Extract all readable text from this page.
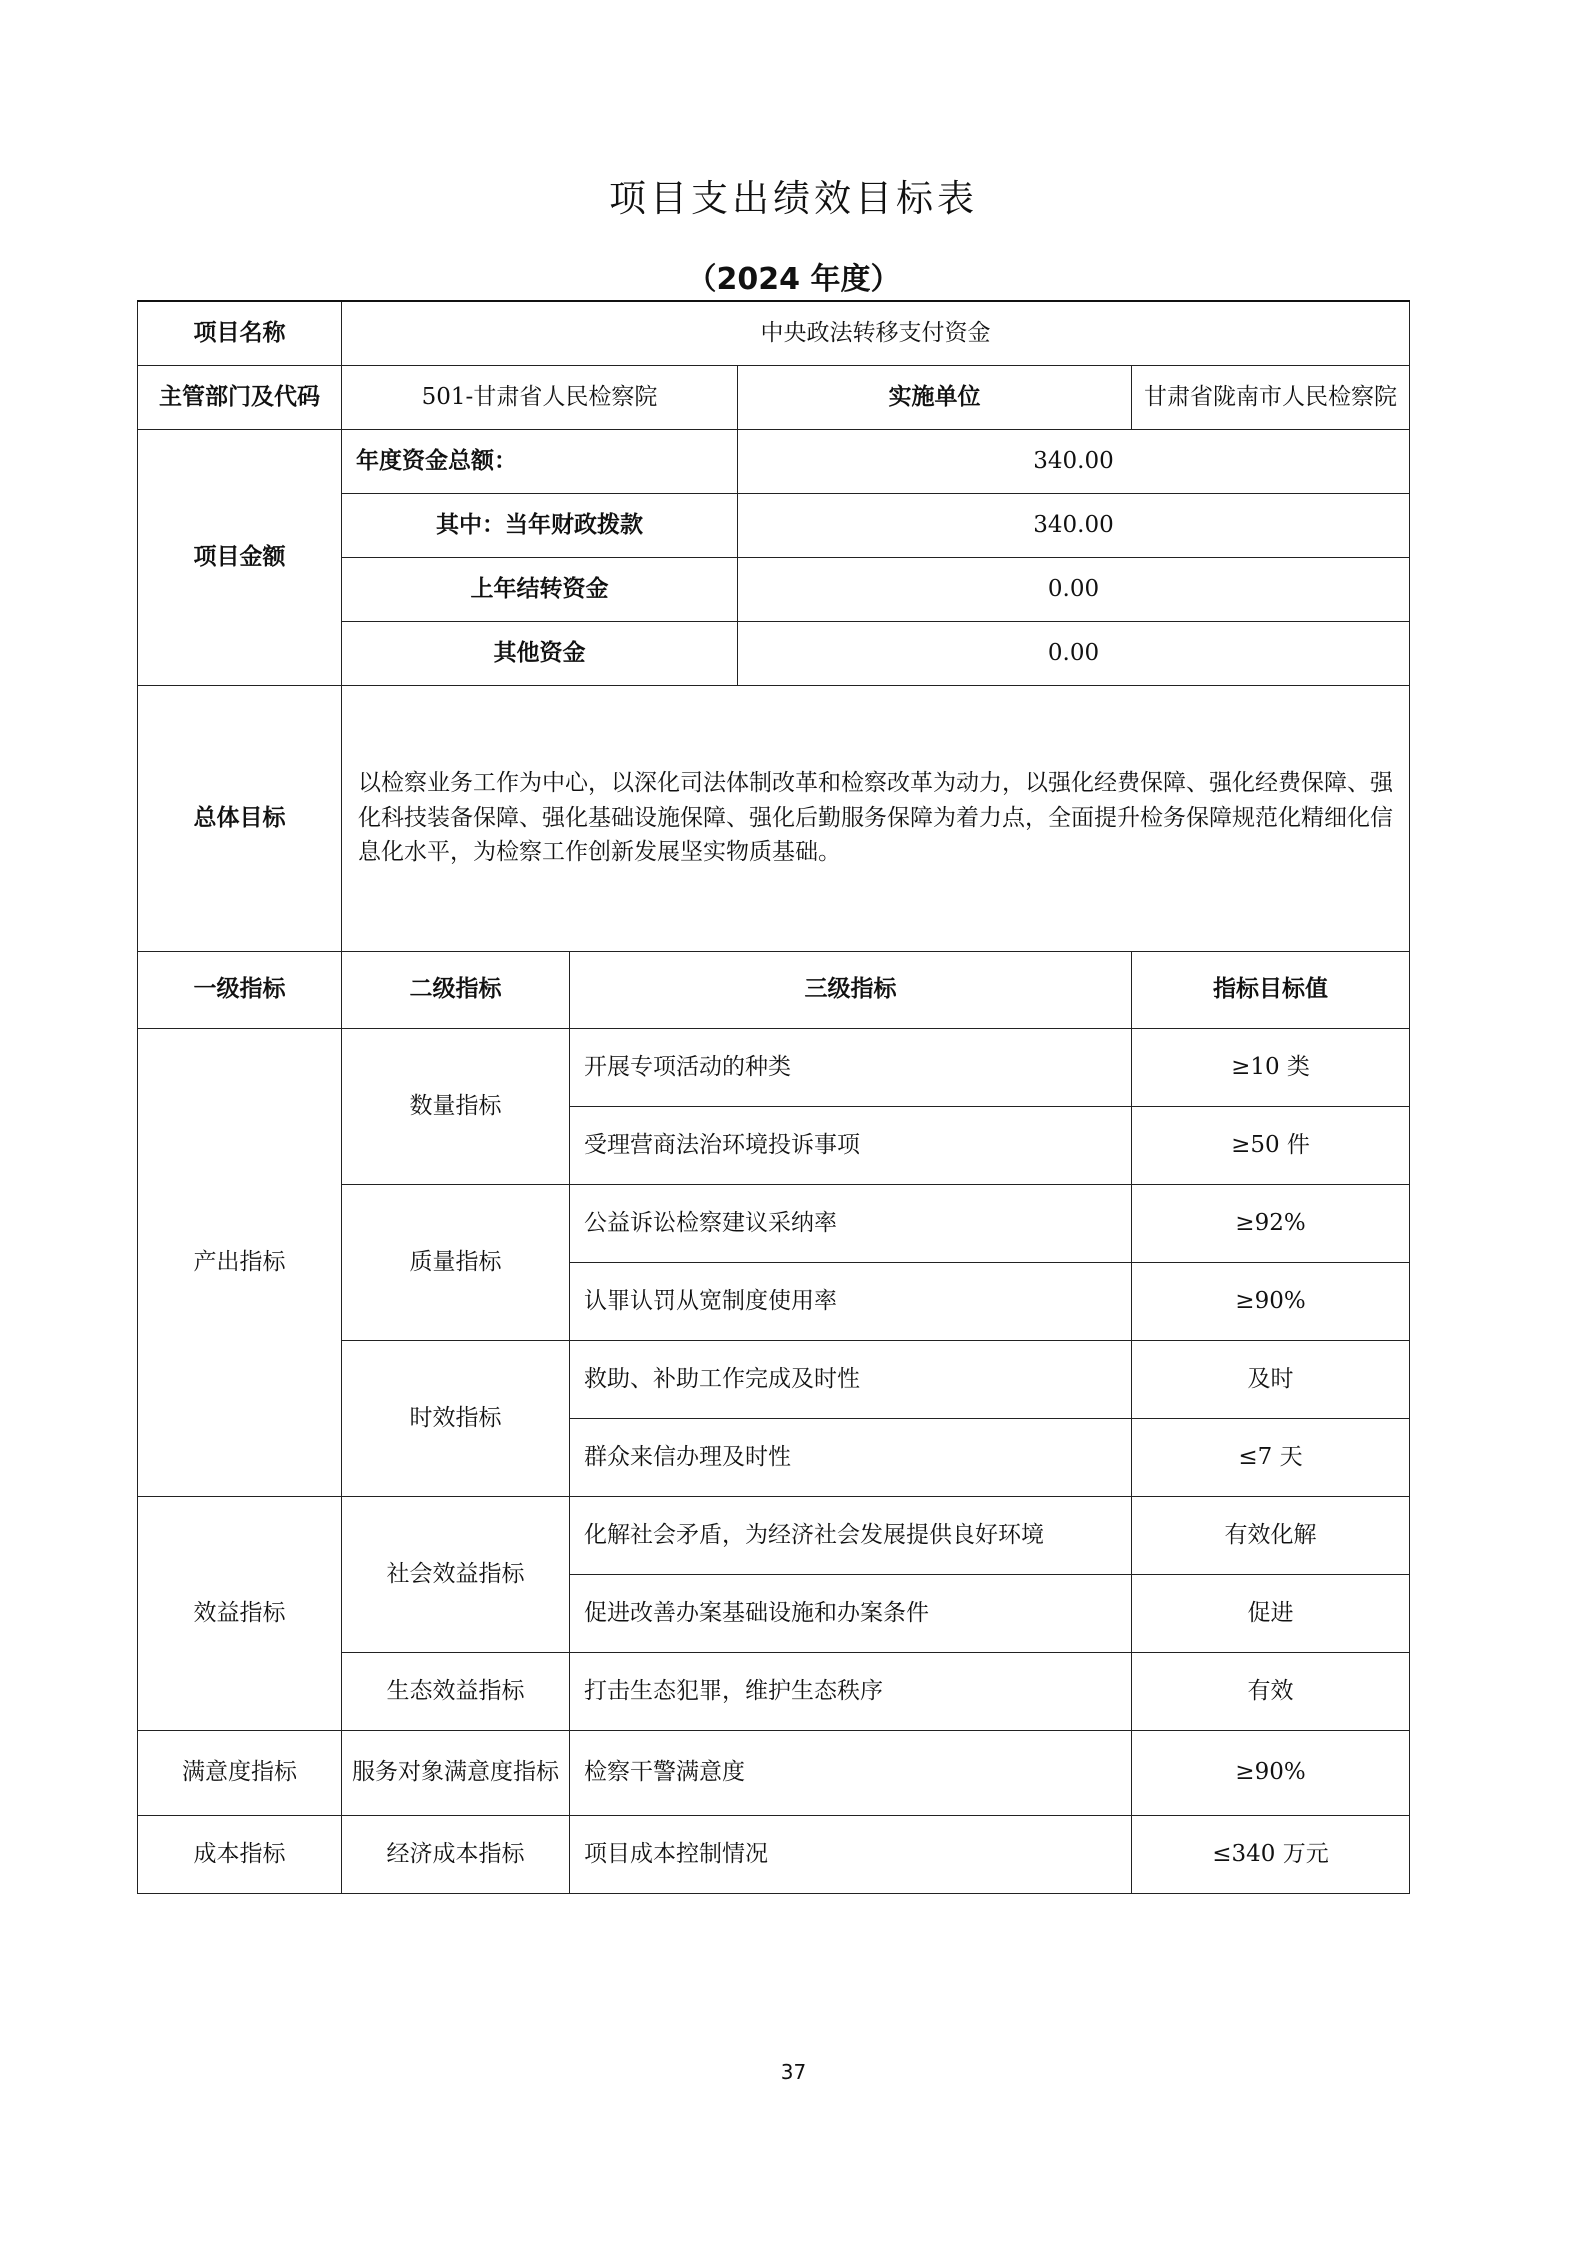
项目支出绩效目标表
（2024 年度）
项目名称	中央政法转移支付资金			
主管部门及代码	501-甘肃省人民检察院		实施单位	甘肃省陇南市人民检察院
项目金额	年度资金总额：		340.00	
	其中：当年财政拨款		340.00	
	上年结转资金		0.00	
	其他资金		0.00	
总体目标	以检察业务工作为中心，以深化司法体制改革和检察改革为动力，以强化经费保障、强化经费保障、强化科技装备保障、强化基础设施保障、强化后勤服务保障为着力点，全面提升检务保障规范化精细化信息化水平，为检察工作创新发展坚实物质基础。			
一级指标	二级指标	三级指标		指标目标值
产出指标	数量指标	开展专项活动的种类		≥10 类
		受理营商法治环境投诉事项		≥50 件
	质量指标	公益诉讼检察建议采纳率		≥92%
		认罪认罚从宽制度使用率		≥90%
	时效指标	救助、补助工作完成及时性		及时
		群众来信办理及时性		≤7 天
效益指标	社会效益指标	化解社会矛盾，为经济社会发展提供良好环境		有效化解
		促进改善办案基础设施和办案条件		促进
	生态效益指标	打击生态犯罪，维护生态秩序		有效
满意度指标	服务对象满意度指标	检察干警满意度		≥90%
成本指标	经济成本指标	项目成本控制情况		≤340 万元
37
